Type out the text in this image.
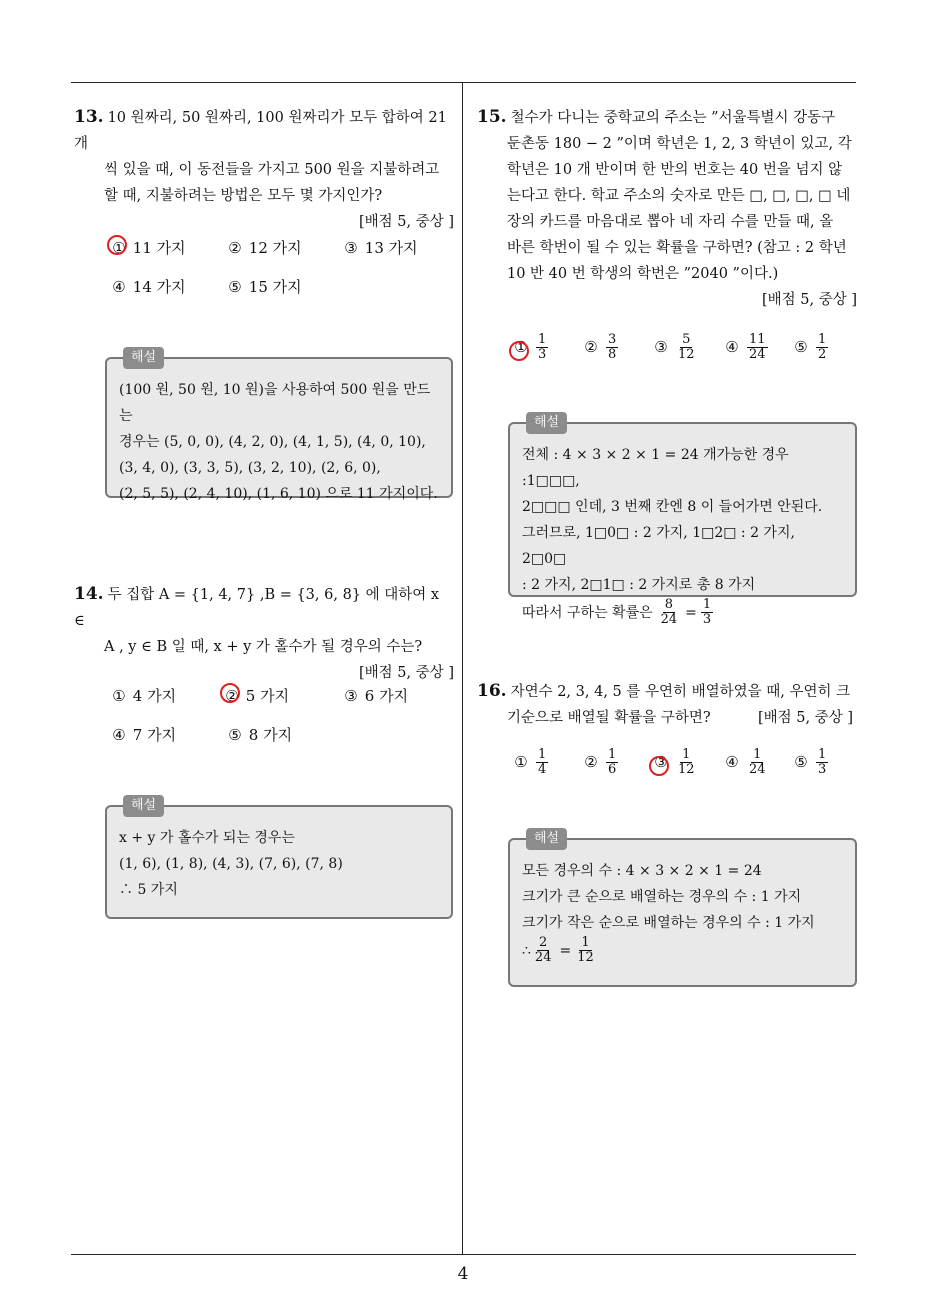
4
13. 10 원짜리, 50 원짜리, 100 원짜리가 모두 합하여 21 개
씩 있을 때, 이 동전들을 가지고 500 원을 지불하려고
할 때, 지불하려는 방법은 모두 몇 가지인가?
[배점 5, 중상 ]
① 11 가지	② 12 가지	③ 13 가지
④ 14 가지	⑤ 15 가지
해설
(100 원, 50 원, 10 원)을 사용하여 500 원을 만드는
경우는 (5, 0, 0), (4, 2, 0), (4, 1, 5), (4, 0, 10),
(3, 4, 0), (3, 3, 5), (3, 2, 10), (2, 6, 0),
(2, 5, 5), (2, 4, 10), (1, 6, 10) 으로 11 가지이다.
14. 두 집합 A = {1, 4, 7} ,B = {3, 6, 8} 에 대하여 x ∈
A , y ∈ B 일 때, x + y 가 홀수가 될 경우의 수는?
[배점 5, 중상 ]
① 4 가지	② 5 가지	③ 6 가지
④ 7 가지	⑤ 8 가지
해설
x + y 가 홀수가 되는 경우는
(1, 6), (1, 8), (4, 3), (7, 6), (7, 8)
∴ 5 가지
15. 철수가 다니는 중학교의 주소는 ”서울특별시 강동구
둔촌동 180 − 2 ”이며 학년은 1, 2, 3 학년이 있고, 각
학년은 10 개 반이며 한 반의 번호는 40 번을 넘지 않
는다고 한다. 학교 주소의 숫자로 만든 □, □, □, □ 네
장의 카드를 마음대로 뽑아 네 자리 수를 만들 때, 올
바른 학번이 될 수 있는 확률을 구하면? (참고 : 2 학년
10 반 40 번 학생의 학번은 ”2040 ”이다.)
[배점 5, 중상 ]
① $\frac{1}{3}$ ② $\frac{3}{8}$ ③ $\frac{5}{12}$ ④ $\frac{11}{24}$ ⑤ $\frac{1}{2}$
해설
전체 : 4 × 3 × 2 × 1 = 24 개가능한 경우 :1□□□,
2□□□ 인데, 3 번째 칸엔 8 이 들어가면 안된다.
그러므로, 1□0□ : 2 가지, 1□2□ : 2 가지, 2□0□
: 2 가지, 2□1□ : 2 가지로 총 8 가지
따라서 구하는 확률은 $\frac{8}{24} = \frac{1}{3}$
16. 자연수 2, 3, 4, 5 를 우연히 배열하였을 때, 우연히 크
기순으로 배열될 확률을 구하면?	[배점 5, 중상 ]
① $\frac{1}{4}$ ② $\frac{1}{6}$ ③ $\frac{1}{12}$ ④ $\frac{1}{24}$ ⑤ $\frac{1}{3}$
해설
모든 경우의 수 : 4 × 3 × 2 × 1 = 24
크기가 큰 순으로 배열하는 경우의 수 : 1 가지
크기가 작은 순으로 배열하는 경우의 수 : 1 가지
∴ $\frac{2}{24} = \frac{1}{12}$
